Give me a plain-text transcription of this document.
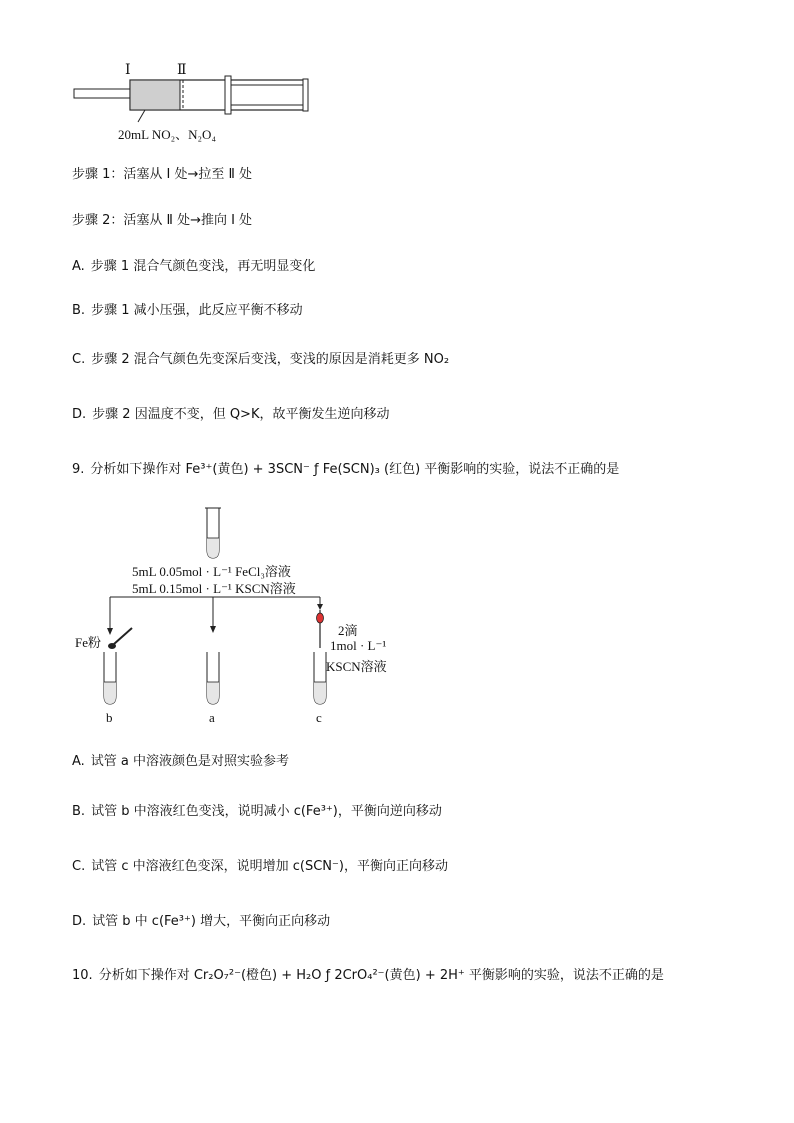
Ⅰ	Ⅱ
20mL NO₂、N₂O₄
步骤 1：活塞从 Ⅰ 处→拉至 Ⅱ 处
步骤 2：活塞从 Ⅱ 处→推向 Ⅰ 处
A. 步骤 1 混合气颜色变浅，再无明显变化
B. 步骤 1 减小压强，此反应平衡不移动
C. 步骤 2 混合气颜色先变深后变浅，变浅的原因是消耗更多 NO₂
D. 步骤 2 因温度不变，但 Q>K，故平衡发生逆向移动
9. 分析如下操作对 Fe³⁺(黄色) + 3SCN⁻ ƒ Fe(SCN)₃ (红色) 平衡影响的实验，说法不正确的是
5mL 0.05mol · L⁻¹ FeCl₃溶液
5mL 0.15mol · L⁻¹ KSCN溶液
Fe粉
2滴
1mol · L⁻¹
KSCN溶液
b	a	c
A. 试管 a 中溶液颜色是对照实验参考
B. 试管 b 中溶液红色变浅，说明减小 c(Fe³⁺)，平衡向逆向移动
C. 试管 c 中溶液红色变深，说明增加 c(SCN⁻)，平衡向正向移动
D. 试管 b 中 c(Fe³⁺) 增大，平衡向正向移动
10. 分析如下操作对 Cr₂O₇²⁻(橙色) + H₂O ƒ 2CrO₄²⁻(黄色) + 2H⁺ 平衡影响的实验，说法不正确的是
